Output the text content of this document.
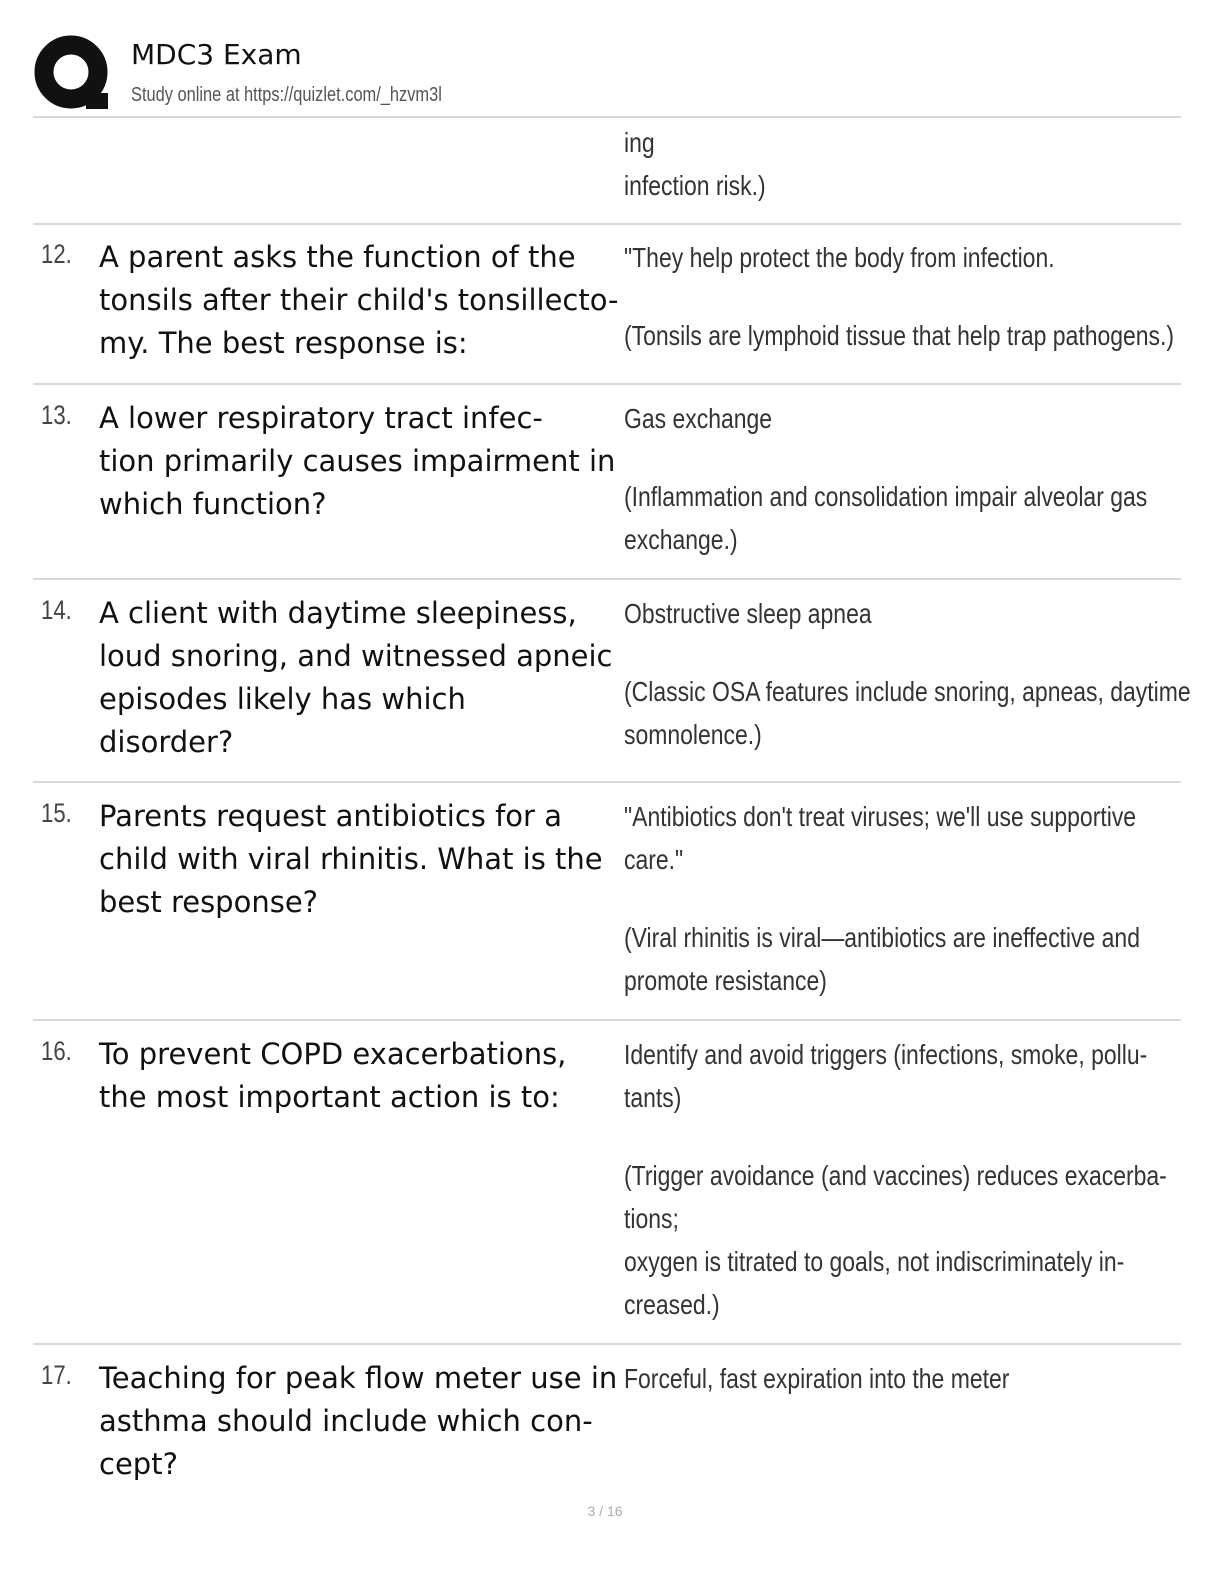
MDC3 Exam
Study online at https://quizlet.com/_hzvm3l
ing
infection risk.)
12. A parent asks the function of the
tonsils after their child's tonsillecto-
my. The best response is:
"They help protect the body from infection.
(Tonsils are lymphoid tissue that help trap pathogens.)
13. A lower respiratory tract infec-
tion primarily causes impairment in
which function?
Gas exchange
(Inflammation and consolidation impair alveolar gas
exchange.)
14. A client with daytime sleepiness,
loud snoring, and witnessed apneic
episodes likely has which
disorder?
Obstructive sleep apnea
(Classic OSA features include snoring, apneas, daytime
somnolence.)
15. Parents request antibiotics for a
child with viral rhinitis. What is the
best response?
"Antibiotics don't treat viruses; we'll use supportive
care."
(Viral rhinitis is viral—antibiotics are ineffective and
promote resistance)
16. To prevent COPD exacerbations,
the most important action is to:
Identify and avoid triggers (infections, smoke, pollu-
tants)
(Trigger avoidance (and vaccines) reduces exacerba-
tions;
oxygen is titrated to goals, not indiscriminately in-
creased.)
17. Teaching for peak flow meter use in
asthma should include which con-
cept?
Forceful, fast expiration into the meter
3 / 16
